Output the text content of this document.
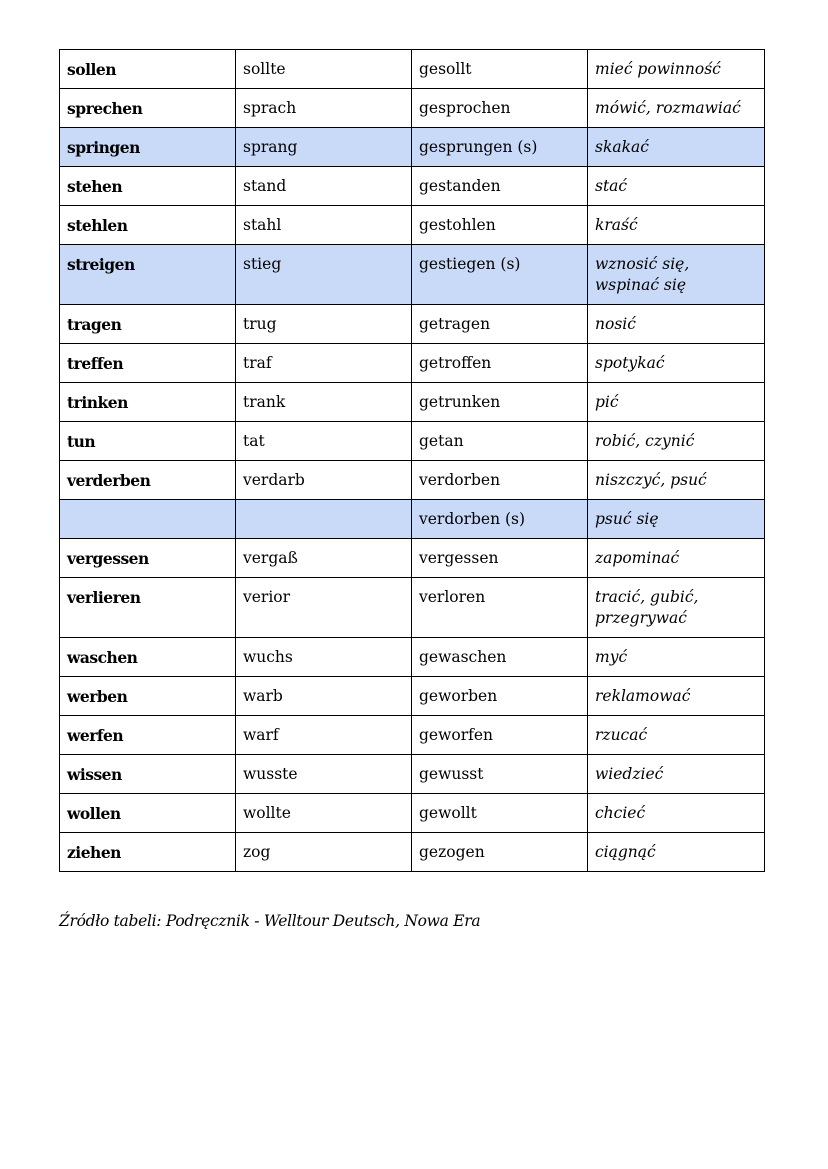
sollen	sollte	gesollt	mieć powinność
sprechen	sprach	gesprochen	mówić, rozmawiać
springen	sprang	gesprungen (s)	skakać
stehen	stand	gestanden	stać
stehlen	stahl	gestohlen	kraść
streigen	stieg	gestiegen (s)	wznosić się,
wspinać się
tragen	trug	getragen	nosić
treffen	traf	getroffen	spotykać
trinken	trank	getrunken	pić
tun	tat	getan	robić, czynić
verderben	verdarb	verdorben	niszczyć, psuć
		verdorben (s)	psuć się
vergessen	vergaß	vergessen	zapominać
verlieren	verior	verloren	tracić, gubić,
przegrywać
waschen	wuchs	gewaschen	myć
werben	warb	geworben	reklamować
werfen	warf	geworfen	rzucać
wissen	wusste	gewusst	wiedzieć
wollen	wollte	gewollt	chcieć
ziehen	zog	gezogen	ciągnąć
Źródło tabeli: Podręcznik - Welltour Deutsch, Nowa Era
